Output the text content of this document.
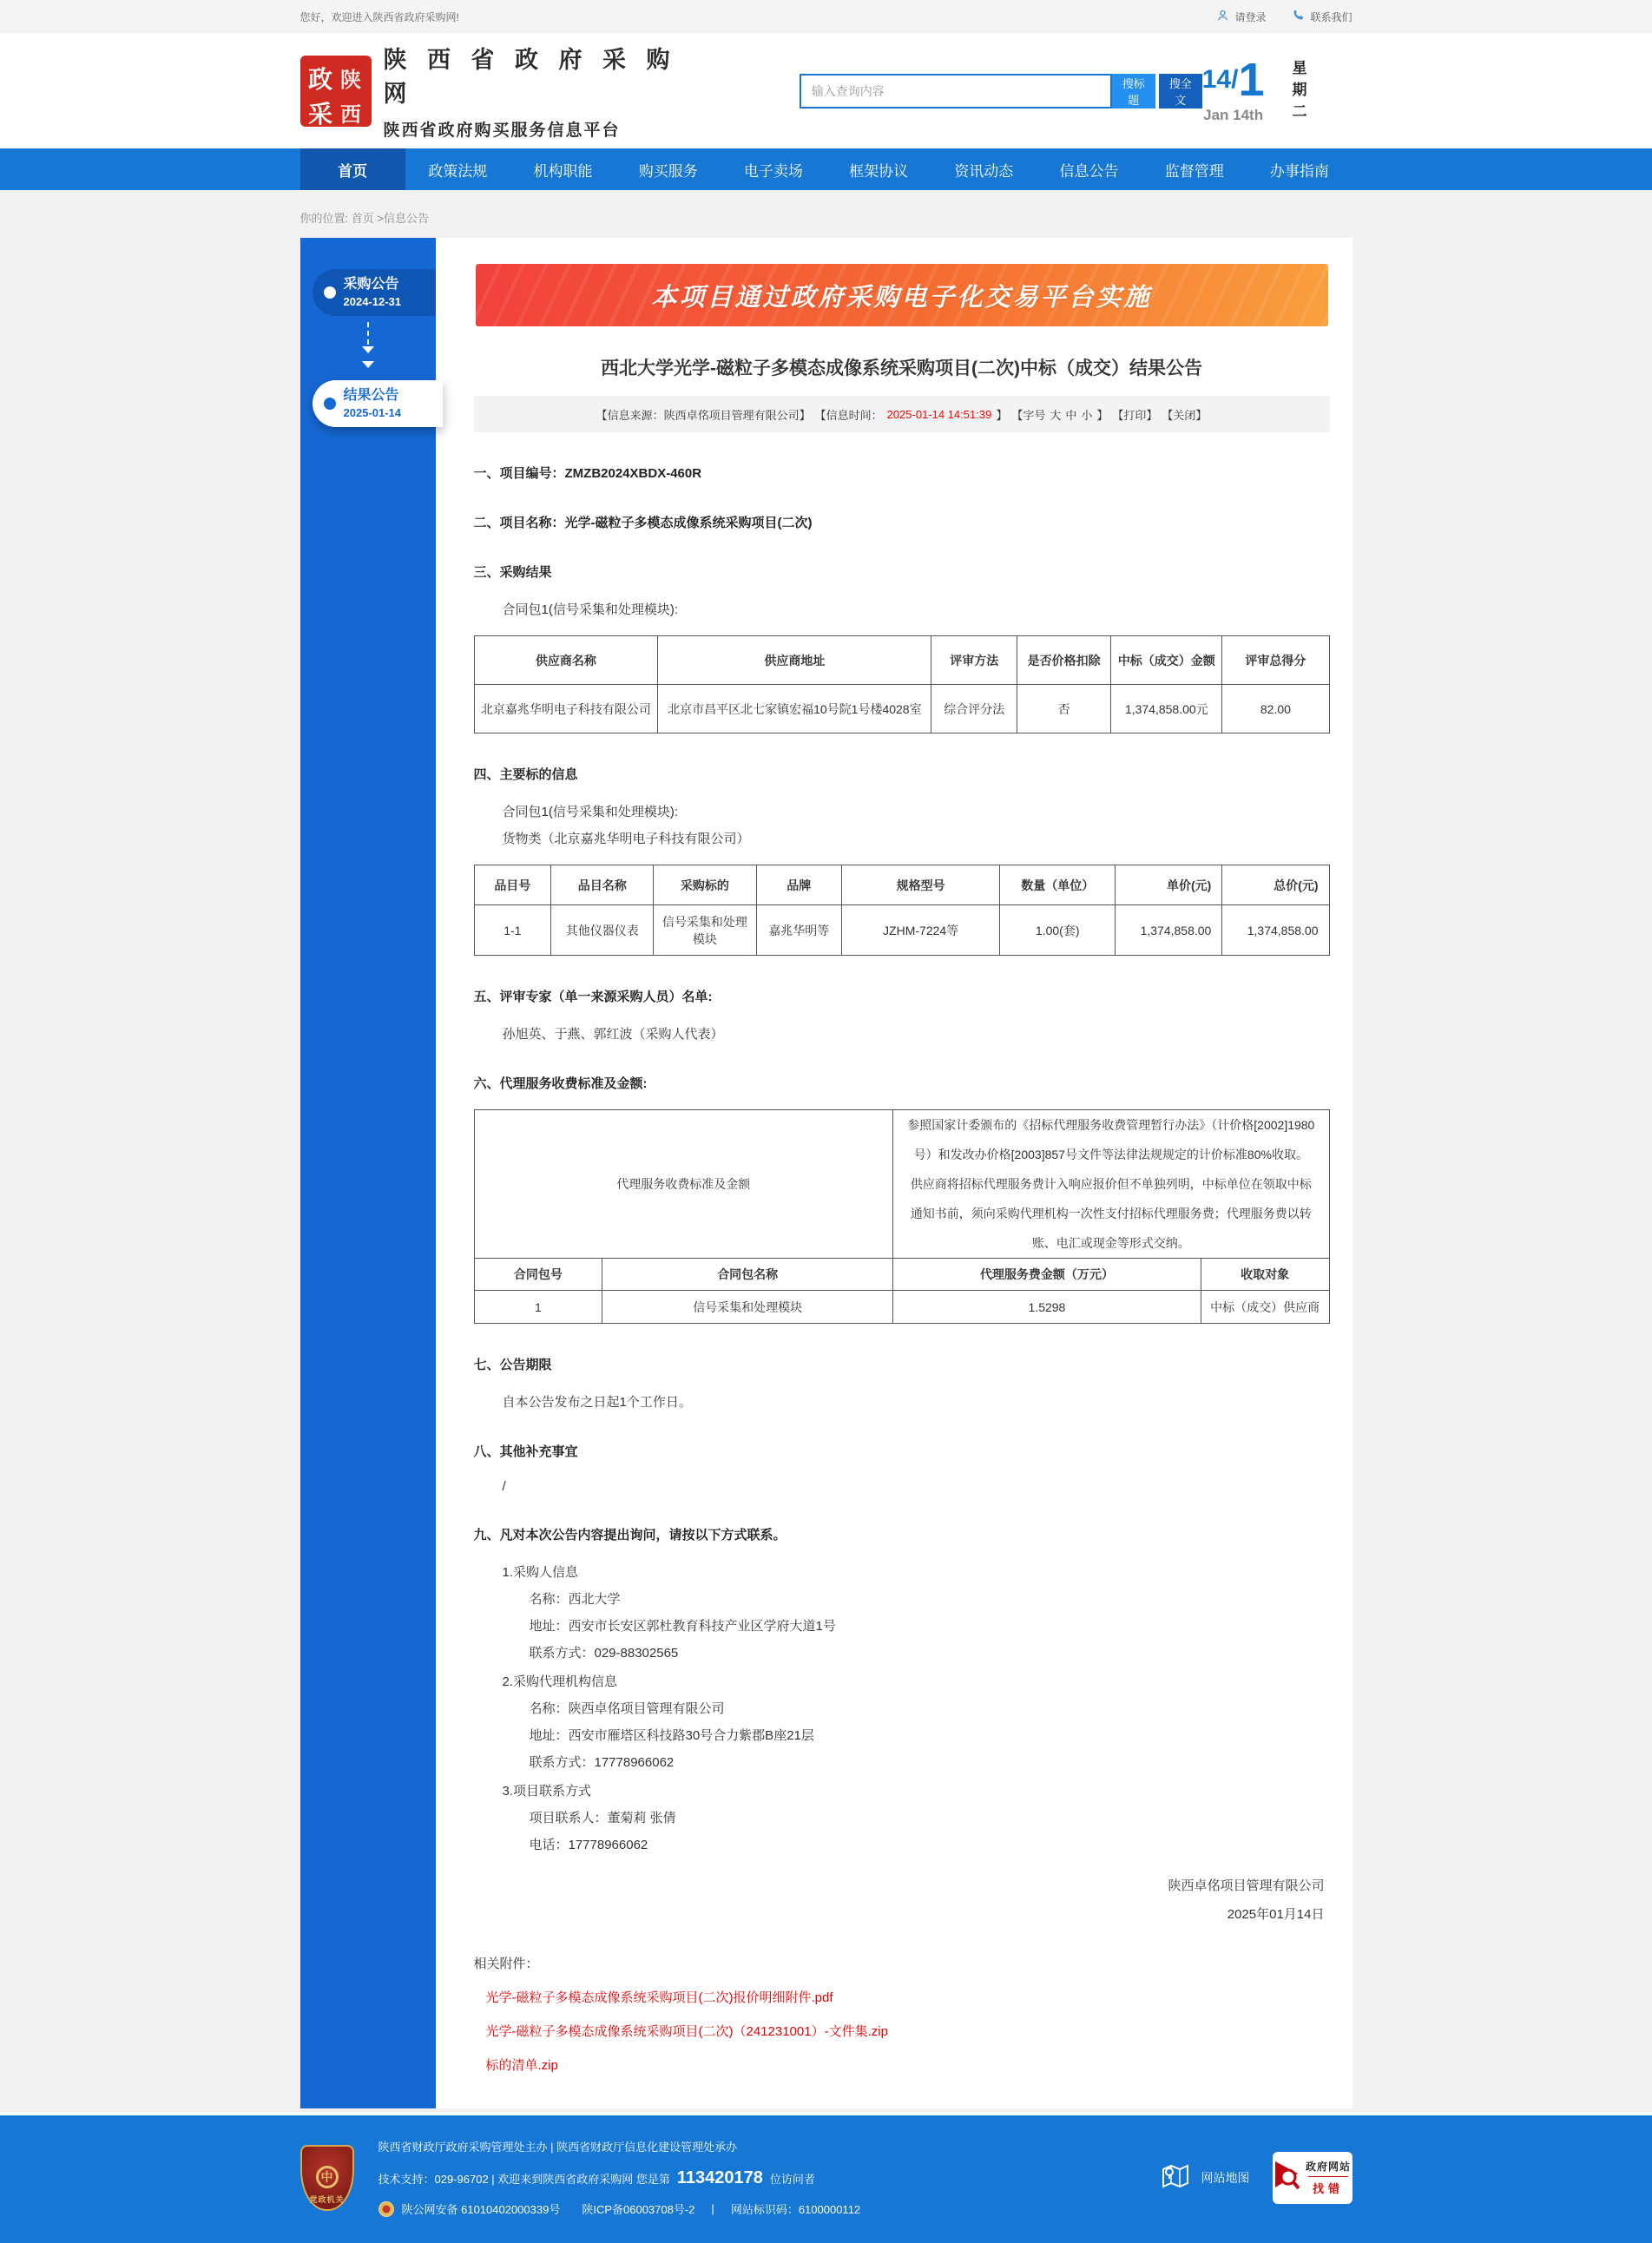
您好，欢迎进入陕西省政府采购网!	请登录	联系我们
政 陕
采 西
陕 西 省 政 府 采 购 网
陕西省政府购买服务信息平台
输入查询内容
搜标题
搜全文
14 / 1
Jan 14th 星期二
首页	政策法规	机构职能	购买服务	电子卖场	框架协议	资讯动态	信息公告	监督管理	办事指南
你的位置: 首页 >信息公告
采购公告
2024-12-31
结果公告
2025-01-14
本项目通过政府采购电子化交易平台实施
西北大学光学-磁粒子多模态成像系统采购项目(二次)中标（成交）结果公告
【信息来源：陕西卓佲项目管理有限公司】 【信息时间： 2025-01-14 14:51:39 】 【字号 大 中 小 】 【打印】 【关闭】
一、项目编号：ZMZB2024XBDX-460R
二、项目名称：光学-磁粒子多模态成像系统采购项目(二次)
三、采购结果
合同包1(信号采集和处理模块):
供应商名称	供应商地址	评审方法	是否价格扣除	中标（成交）金额	评审总得分
北京嘉兆华明电子科技有限公司	北京市昌平区北七家镇宏福10号院1号楼4028室	综合评分法	否	1,374,858.00元	82.00
四、主要标的信息
合同包1(信号采集和处理模块):
货物类（北京嘉兆华明电子科技有限公司）
品目号	品目名称	采购标的	品牌	规格型号	数量（单位）	单价(元)	总价(元)
1-1	其他仪器仪表	信号采集和处理模块	嘉兆华明等	JZHM-7224等	1.00(套)	1,374,858.00	1,374,858.00
五、评审专家（单一来源采购人员）名单:
孙旭英、于燕、郭红波（采购人代表）
六、代理服务收费标准及金额:
代理服务收费标准及金额		参照国家计委颁布的《招标代理服务收费管理暂行办法》（计价格[2002]1980号）和发改办价格[2003]857号文件等法律法规规定的计价标准80%收取。 供应商将招标代理服务费计入响应报价但不单独列明，中标单位在领取中标通知书前，须向采购代理机构一次性支付招标代理服务费；代理服务费以转账、电汇或现金等形式交纳。	
合同包号	合同包名称	代理服务费金额（万元）	收取对象
1	信号采集和处理模块	1.5298	中标（成交）供应商
七、公告期限
自本公告发布之日起1个工作日。
八、其他补充事宜
/
九、凡对本次公告内容提出询问，请按以下方式联系。
1.采购人信息
名称：西北大学
地址：西安市长安区郭杜教育科技产业区学府大道1号
联系方式：029-88302565
2.采购代理机构信息
名称：陕西卓佲项目管理有限公司
地址：西安市雁塔区科技路30号合力紫郡B座21层
联系方式：17778966062
3.项目联系方式
项目联系人：董菊莉 张倩
电话：17778966062
陕西卓佲项目管理有限公司
2025年01月14日
相关附件：
光学-磁粒子多模态成像系统采购项目(二次)报价明细附件.pdf
光学-磁粒子多模态成像系统采购项目(二次)（241231001）-文件集.zip
标的清单.zip
中
党政机关
陕西省财政厅政府采购管理处主办 | 陕西省财政厅信息化建设管理处承办
技术支持：029-96702 | 欢迎来到陕西省政府采购网 您是第 113420178 位访问者
陕公网安备 61010402000339号 陕ICP备06003708号-2 | 网站标识码：6100000112
网站地图
政府网站
找错
